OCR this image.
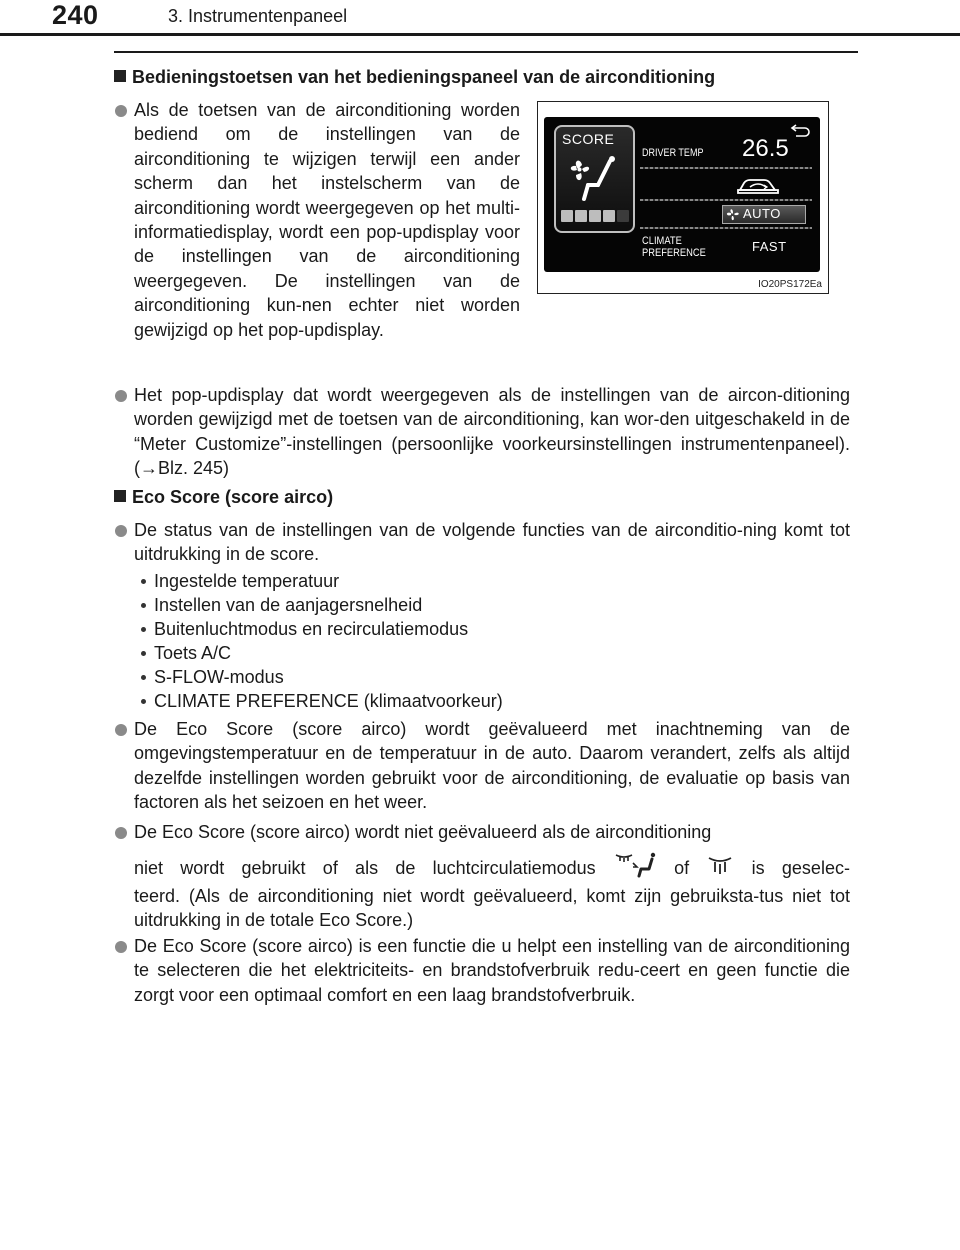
240	3. Instrumentenpaneel
Bedieningstoetsen van het bedieningspaneel van de airconditioning
Als de toetsen van de airconditioning worden bediend om de instellingen van de airconditioning te wijzigen terwijl een ander scherm dan het instelscherm van de airconditioning wordt weergegeven op het multi-informatiedisplay, wordt een pop-updisplay voor de instellingen van de airconditioning weergegeven. De instellingen van de airconditioning kun-nen echter niet worden gewijzigd op het pop-updisplay.
SCORE
DRIVER TEMP 26.5
AUTO
CLIMATE
PREFERENCE	FAST
IO20PS172Ea
Het pop-updisplay dat wordt weergegeven als de instellingen van de aircon-ditioning worden gewijzigd met de toetsen van de airconditioning, kan wor-den uitgeschakeld in de “Meter Customize”-instellingen (persoonlijke voorkeursinstellingen instrumentenpaneel). (→Blz. 245)
Eco Score (score airco)
De status van de instellingen van de volgende functies van de airconditio-ning komt tot uitdrukking in de score.
Ingestelde temperatuur
Instellen van de aanjagersnelheid
Buitenluchtmodus en recirculatiemodus
Toets A/C
S-FLOW-modus
CLIMATE PREFERENCE (klimaatvoorkeur)
De Eco Score (score airco) wordt geëvalueerd met inachtneming van de omgevingstemperatuur en de temperatuur in de auto. Daarom verandert, zelfs als altijd dezelfde instellingen worden gebruikt voor de airconditioning, de evaluatie op basis van factoren als het seizoen en het weer.
De Eco Score (score airco) wordt niet geëvalueerd als de airconditioning
niet wordt gebruikt of als de luchtcirculatiemodus	of	is geselec-
teerd. (Als de airconditioning niet wordt geëvalueerd, komt zijn gebruiksta-tus niet tot uitdrukking in de totale Eco Score.)
De Eco Score (score airco) is een functie die u helpt een instelling van de airconditioning te selecteren die het elektriciteits- en brandstofverbruik redu-ceert en geen functie die zorgt voor een optimaal comfort en een laag brandstofverbruik.
